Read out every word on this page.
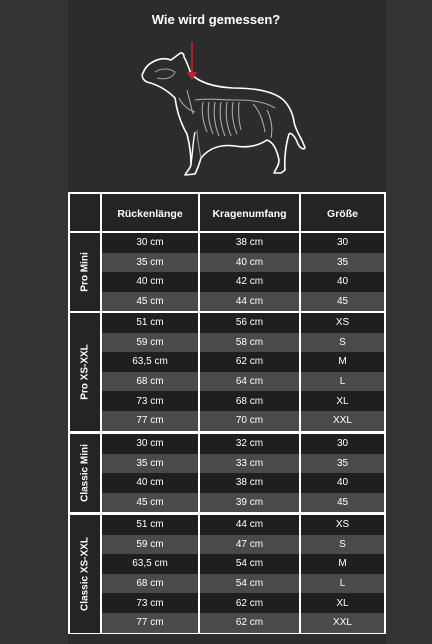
Wie wird gemessen?
Rückenlänge	Kragenumfang	Größe
Pro Mini
30 cm	38 cm	30
35 cm	40 cm	35
40 cm	42 cm	40
45 cm	44 cm	45
Pro XS-XXL
51 cm	56 cm	XS
59 cm	58 cm	S
63,5 cm	62 cm	M
68 cm	64 cm	L
73 cm	68 cm	XL
77 cm	70 cm	XXL
Classic Mini
30 cm	32 cm	30
35 cm	33 cm	35
40 cm	38 cm	40
45 cm	39 cm	45
Classic XS-XXL
51 cm	44 cm	XS
59 cm	47 cm	S
63,5 cm	54 cm	M
68 cm	54 cm	L
73 cm	62 cm	XL
77 cm	62 cm	XXL
